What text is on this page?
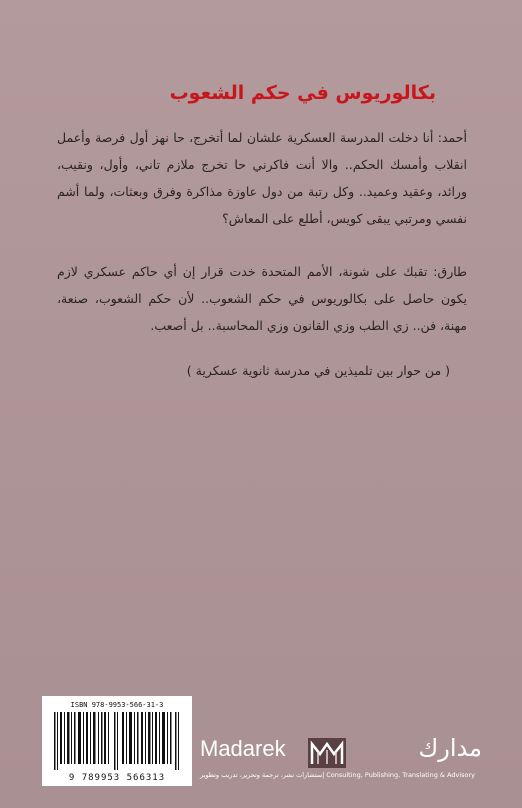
بكالوريوس في حكم الشعوب
أحمد: أنا دخلت المدرسة العسكرية علشان لما أتخرج، حا نهز أول فرصة وأعمل انقلاب وأمسك الحكم.. والا أنت فاكرني حا تخرج ملازم تاني، وأول، ونقيب، ورائد، وعقيد وعميد.. وكل رتبة من دول عاوزة مذاكرة وفرق وبعثات، ولما أشم نفسي ومرتبي يبقى كويس، أطلع على المعاش؟
طارق: تقبك على شونة، الأمم المتحدة خدت قرار إن أي حاكم عسكري لازم يكون حاصل على بكالوريوس في حكم الشعوب.. لأن حكم الشعوب، صنعة، مهنة، فن.. زي الطب وزي القانون وزي المحاسبة.. بل أصعب.
( من حوار بين تلميذين في مدرسة ثانوية عسكرية )
ISBN 978-9953-566-31-3
9 789953 566313
Madarek	مدارك
إستشارات نشر، ترجمة وتحرير، تدريب وتطوير Consulting, Publishing, Translating & Advisory
